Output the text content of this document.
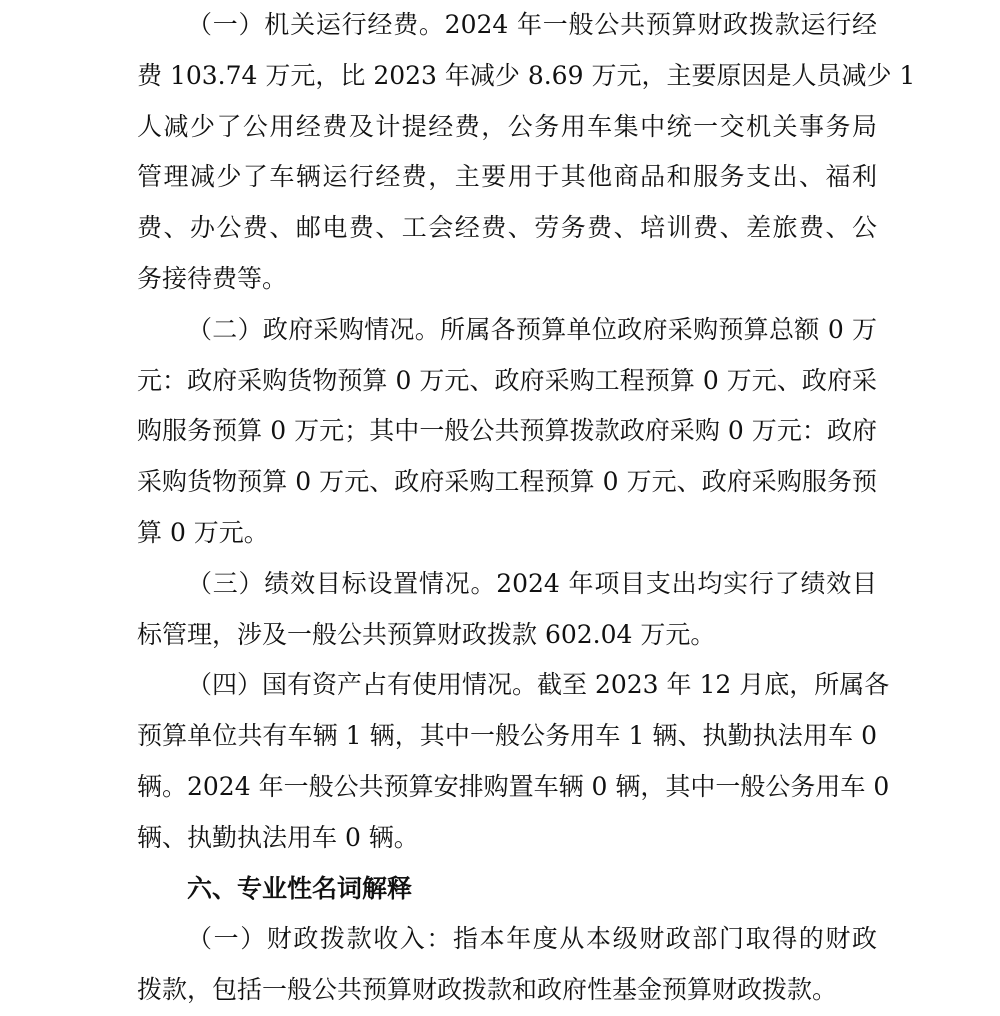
（一）机关运行经费。2024 年一般公共预算财政拨款运行经
费 103.74 万元，比 2023 年减少 8.69 万元，主要原因是人员减少 1
人减少了公用经费及计提经费，公务用车集中统一交机关事务局
管理减少了车辆运行经费，主要用于其他商品和服务支出、福利
费、办公费、邮电费、工会经费、劳务费、培训费、差旅费、公
务接待费等。
（二）政府采购情况。所属各预算单位政府采购预算总额 0 万
元：政府采购货物预算 0 万元、政府采购工程预算 0 万元、政府采
购服务预算 0 万元；其中一般公共预算拨款政府采购 0 万元：政府
采购货物预算 0 万元、政府采购工程预算 0 万元、政府采购服务预
算 0 万元。
（三）绩效目标设置情况。2024 年项目支出均实行了绩效目
标管理，涉及一般公共预算财政拨款 602.04 万元。
（四）国有资产占有使用情况。截至 2023 年 12 月底，所属各
预算单位共有车辆 1 辆，其中一般公务用车 1 辆、执勤执法用车 0
辆。2024 年一般公共预算安排购置车辆 0 辆，其中一般公务用车 0
辆、执勤执法用车 0 辆。
六、专业性名词解释
（一）财政拨款收入：指本年度从本级财政部门取得的财政
拨款，包括一般公共预算财政拨款和政府性基金预算财政拨款。
